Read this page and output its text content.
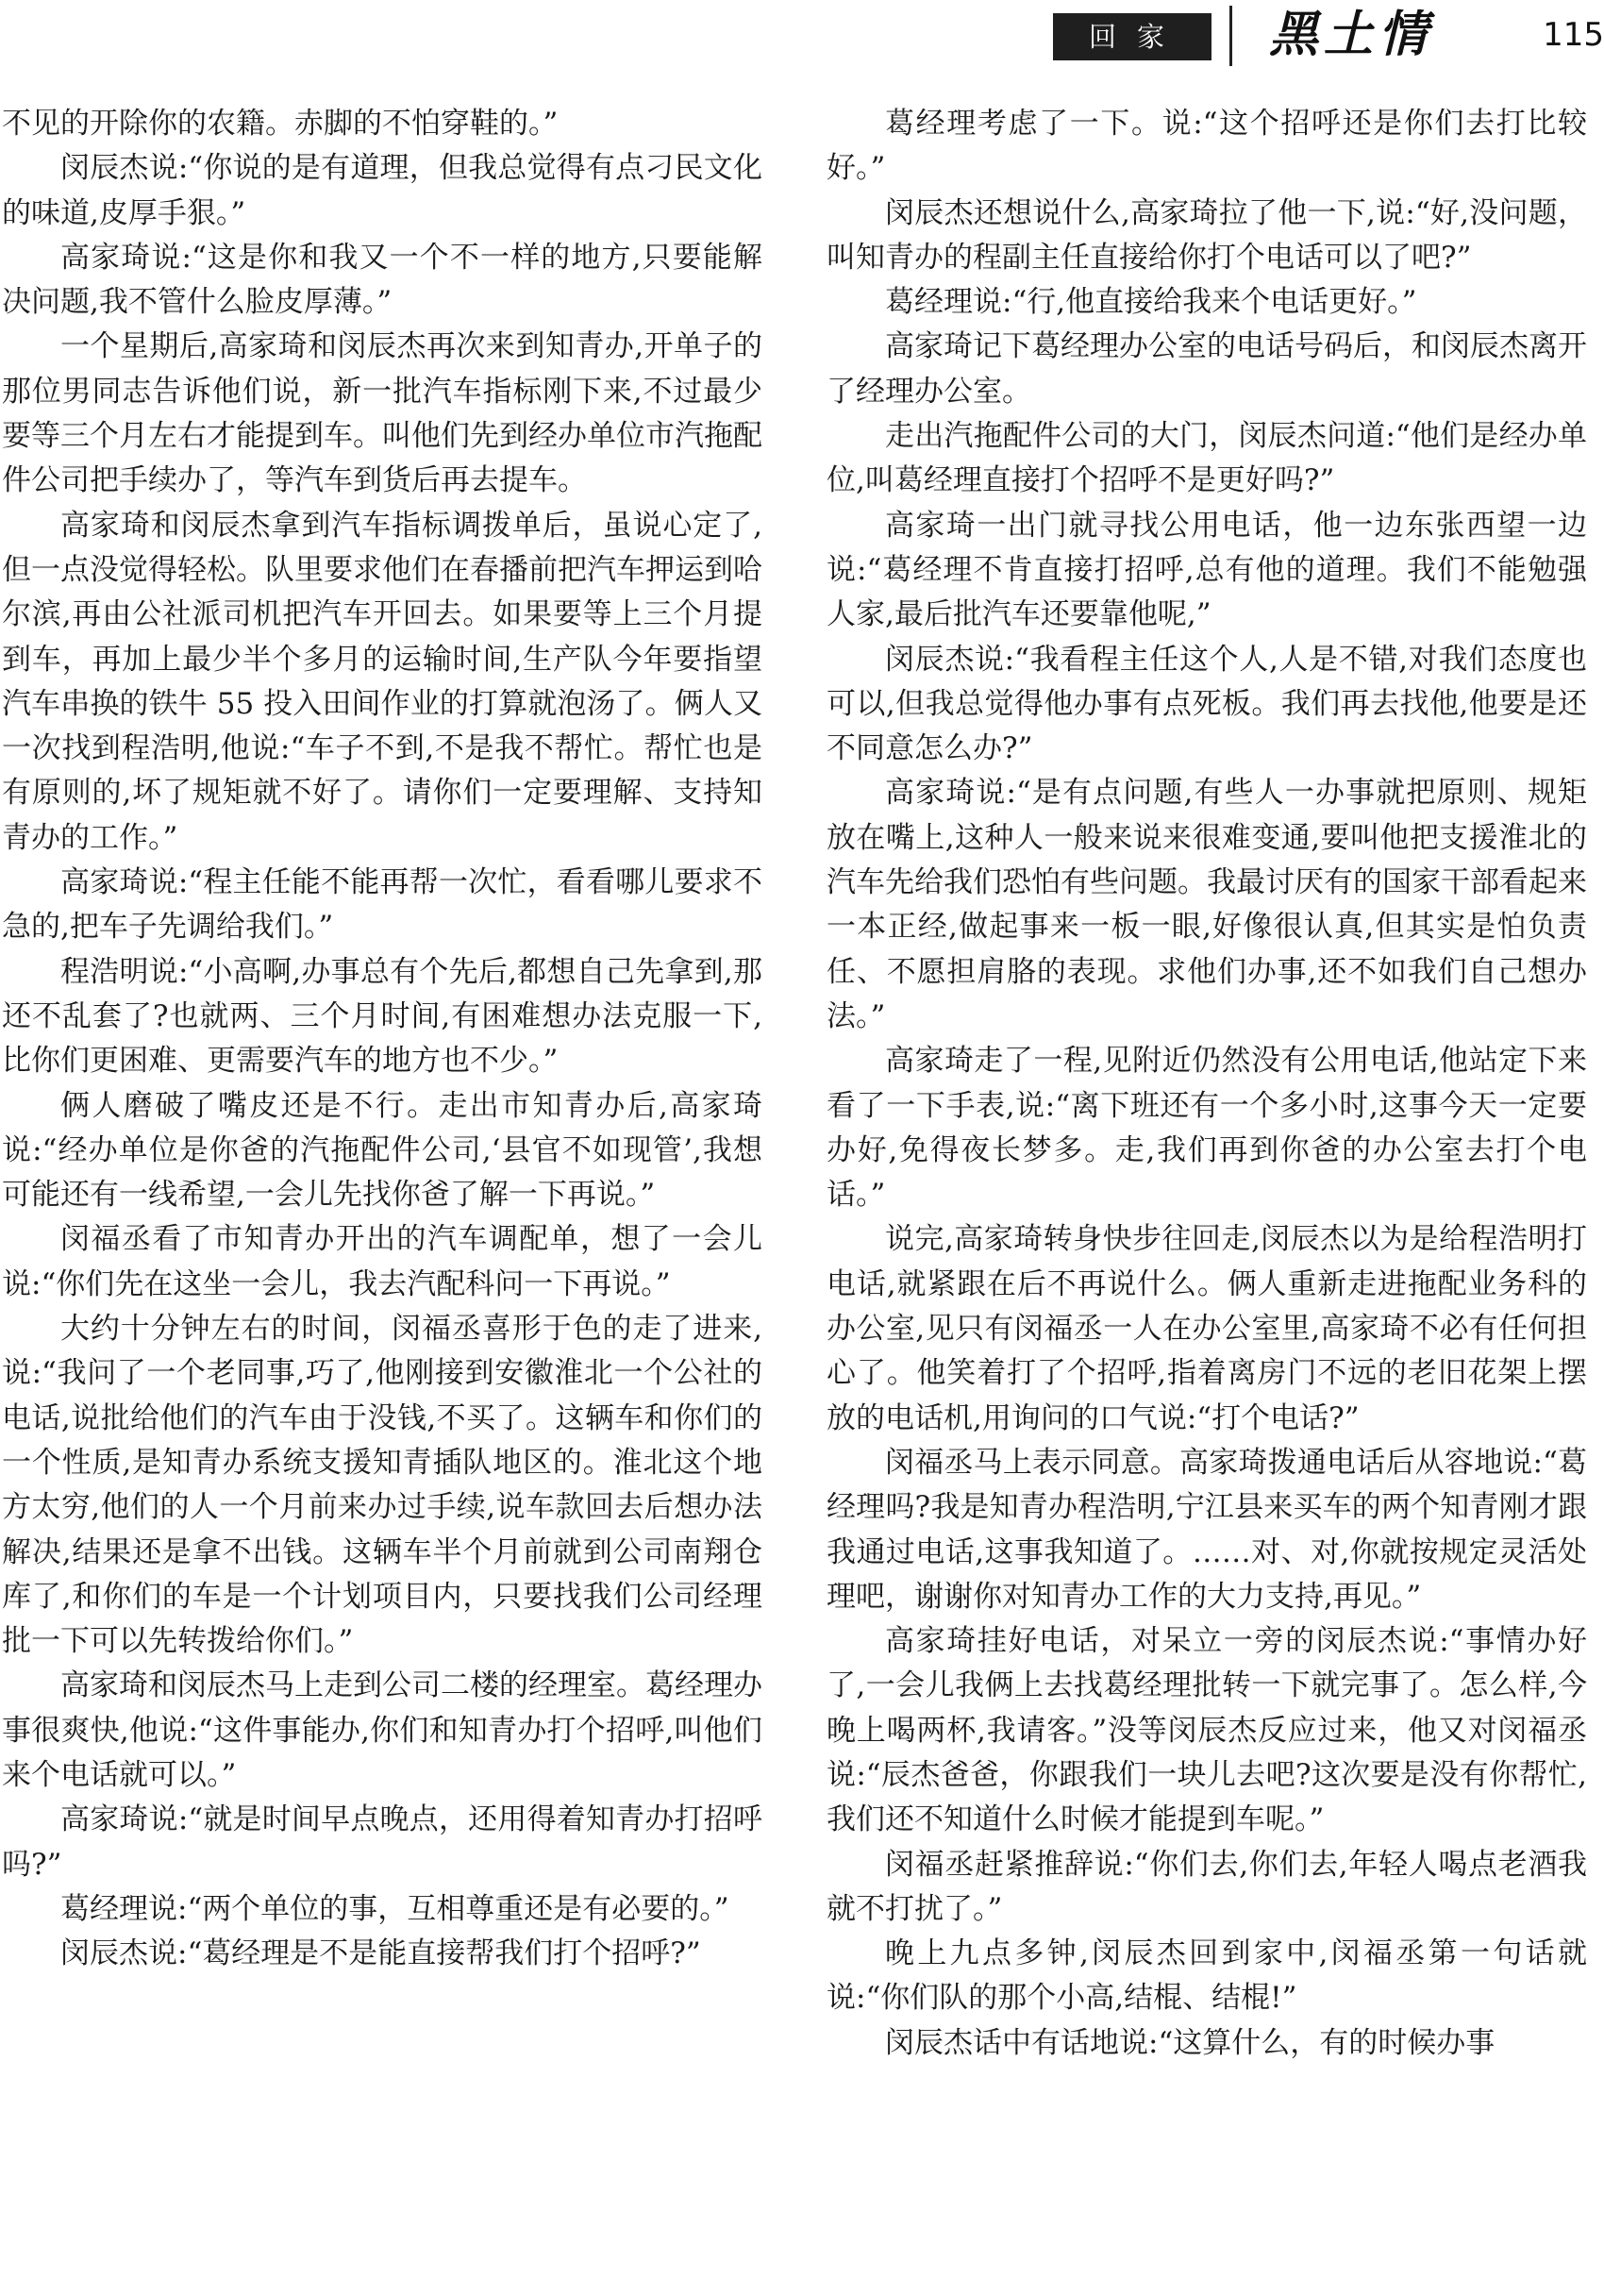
回家	黑土情	115

不见的开除你的农籍。赤脚的不怕穿鞋的。”

闵辰杰说:“你说的是有道理，但我总觉得有点刁民文化的味道,皮厚手狠。”

高家琦说:“这是你和我又一个不一样的地方,只要能解决问题,我不管什么脸皮厚薄。”

一个星期后,高家琦和闵辰杰再次来到知青办,开单子的那位男同志告诉他们说，新一批汽车指标刚下来,不过最少要等三个月左右才能提到车。叫他们先到经办单位市汽拖配件公司把手续办了，等汽车到货后再去提车。

高家琦和闵辰杰拿到汽车指标调拨单后，虽说心定了,但一点没觉得轻松。队里要求他们在春播前把汽车押运到哈尔滨,再由公社派司机把汽车开回去。如果要等上三个月提到车，再加上最少半个多月的运输时间,生产队今年要指望汽车串换的铁牛 55 投入田间作业的打算就泡汤了。俩人又一次找到程浩明,他说:“车子不到,不是我不帮忙。帮忙也是有原则的,坏了规矩就不好了。请你们一定要理解、支持知青办的工作。”

高家琦说:“程主任能不能再帮一次忙，看看哪儿要求不急的,把车子先调给我们。”

程浩明说:“小高啊,办事总有个先后,都想自己先拿到,那还不乱套了?也就两、三个月时间,有困难想办法克服一下,比你们更困难、更需要汽车的地方也不少。”

俩人磨破了嘴皮还是不行。走出市知青办后,高家琦说:“经办单位是你爸的汽拖配件公司,‘县官不如现管’,我想可能还有一线希望,一会儿先找你爸了解一下再说。”

闵福丞看了市知青办开出的汽车调配单，想了一会儿说:“你们先在这坐一会儿，我去汽配科问一下再说。”

大约十分钟左右的时间，闵福丞喜形于色的走了进来,说:“我问了一个老同事,巧了,他刚接到安徽淮北一个公社的电话,说批给他们的汽车由于没钱,不买了。这辆车和你们的一个性质,是知青办系统支援知青插队地区的。淮北这个地方太穷,他们的人一个月前来办过手续,说车款回去后想办法解决,结果还是拿不出钱。这辆车半个月前就到公司南翔仓库了,和你们的车是一个计划项目内，只要找我们公司经理批一下可以先转拨给你们。”

高家琦和闵辰杰马上走到公司二楼的经理室。葛经理办事很爽快,他说:“这件事能办,你们和知青办打个招呼,叫他们来个电话就可以。”

高家琦说:“就是时间早点晚点，还用得着知青办打招呼吗?”

葛经理说:“两个单位的事，互相尊重还是有必要的。”

闵辰杰说:“葛经理是不是能直接帮我们打个招呼?”

葛经理考虑了一下。说:“这个招呼还是你们去打比较好。”

闵辰杰还想说什么,高家琦拉了他一下,说:“好,没问题，叫知青办的程副主任直接给你打个电话可以了吧?”

葛经理说:“行,他直接给我来个电话更好。”

高家琦记下葛经理办公室的电话号码后，和闵辰杰离开了经理办公室。

走出汽拖配件公司的大门，闵辰杰问道:“他们是经办单位,叫葛经理直接打个招呼不是更好吗?”

高家琦一出门就寻找公用电话，他一边东张西望一边说:“葛经理不肯直接打招呼,总有他的道理。我们不能勉强人家,最后批汽车还要靠他呢,”

闵辰杰说:“我看程主任这个人,人是不错,对我们态度也可以,但我总觉得他办事有点死板。我们再去找他,他要是还不同意怎么办?”

高家琦说:“是有点问题,有些人一办事就把原则、规矩放在嘴上,这种人一般来说来很难变通,要叫他把支援淮北的汽车先给我们恐怕有些问题。我最讨厌有的国家干部看起来一本正经,做起事来一板一眼,好像很认真,但其实是怕负责任、不愿担肩胳的表现。求他们办事,还不如我们自己想办法。”

高家琦走了一程,见附近仍然没有公用电话,他站定下来看了一下手表,说:“离下班还有一个多小时,这事今天一定要办好,免得夜长梦多。走,我们再到你爸的办公室去打个电话。”

说完,高家琦转身快步往回走,闵辰杰以为是给程浩明打电话,就紧跟在后不再说什么。俩人重新走进拖配业务科的办公室,见只有闵福丞一人在办公室里,高家琦不必有任何担心了。他笑着打了个招呼,指着离房门不远的老旧花架上摆放的电话机,用询问的口气说:“打个电话?”

闵福丞马上表示同意。高家琦拨通电话后从容地说:“葛经理吗?我是知青办程浩明,宁江县来买车的两个知青刚才跟我通过电话,这事我知道了。……对、对,你就按规定灵活处理吧，谢谢你对知青办工作的大力支持,再见。”

高家琦挂好电话，对呆立一旁的闵辰杰说:“事情办好了,一会儿我俩上去找葛经理批转一下就完事了。怎么样,今晚上喝两杯,我请客。”没等闵辰杰反应过来，他又对闵福丞说:“辰杰爸爸，你跟我们一块儿去吧?这次要是没有你帮忙,我们还不知道什么时候才能提到车呢。”

闵福丞赶紧推辞说:“你们去,你们去,年轻人喝点老酒我就不打扰了。”

晚上九点多钟,闵辰杰回到家中,闵福丞第一句话就说:“你们队的那个小高,结棍、结棍!”

闵辰杰话中有话地说:“这算什么，有的时候办事
